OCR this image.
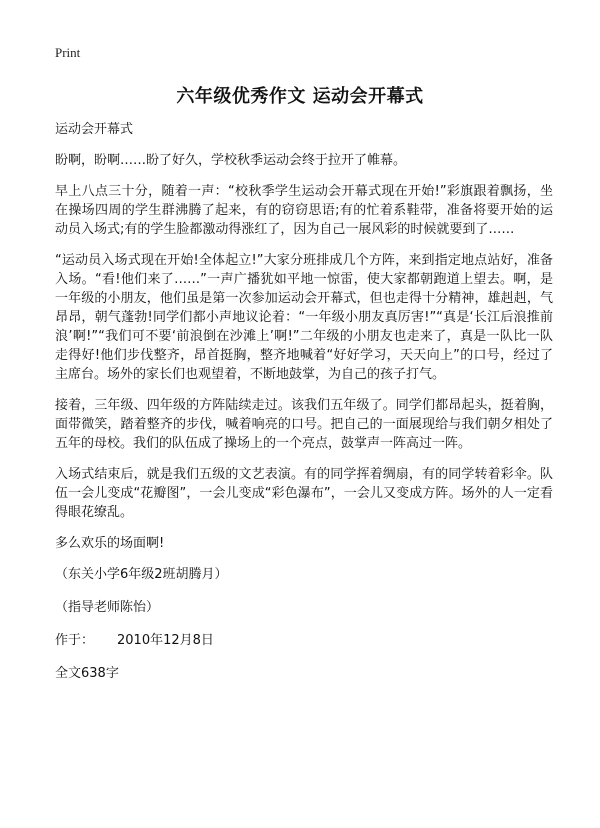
Print
六年级优秀作文 运动会开幕式

运动会开幕式

盼啊，盼啊……盼了好久，学校秋季运动会终于拉开了帷幕。

早上八点三十分，随着一声：“校秋季学生运动会开幕式现在开始!”彩旗跟着飘扬，坐在操场四周的学生群沸腾了起来，有的窃窃思语;有的忙着系鞋带，准备将要开始的运动员入场式;有的学生脸都激动得涨红了，因为自己一展风彩的时候就要到了……

“运动员入场式现在开始!全体起立!”大家分班排成几个方阵，来到指定地点站好，准备入场。“看!他们来了……”一声广播犹如平地一惊雷，使大家都朝跑道上望去。啊，是一年级的小朋友，他们虽是第一次参加运动会开幕式，但也走得十分精神，雄赳赳，气昂昂，朝气蓬勃!同学们都小声地议论着：“一年级小朋友真厉害!”“真是‘长江后浪推前浪’啊!”“我们可不要‘前浪倒在沙滩上’啊!”二年级的小朋友也走来了，真是一队比一队走得好!他们步伐整齐，昂首挺胸，整齐地喊着“好好学习，天天向上”的口号，经过了主席台。场外的家长们也观望着，不断地鼓掌，为自己的孩子打气。

接着，三年级、四年级的方阵陆续走过。该我们五年级了。同学们都昂起头，挺着胸，面带微笑，踏着整齐的步伐，喊着响亮的口号。把自己的一面展现给与我们朝夕相处了五年的母校。我们的队伍成了操场上的一个亮点，鼓掌声一阵高过一阵。

入场式结束后，就是我们五级的文艺表演。有的同学挥着绸扇，有的同学转着彩伞。队伍一会儿变成“花瓣图”，一会儿变成“彩色瀑布”，一会儿又变成方阵。场外的人一定看得眼花缭乱。

多么欢乐的场面啊!

（东关小学6年级2班胡腾月）

（指导老师陈怡）

作于： 2010年12月8日

全文638字
